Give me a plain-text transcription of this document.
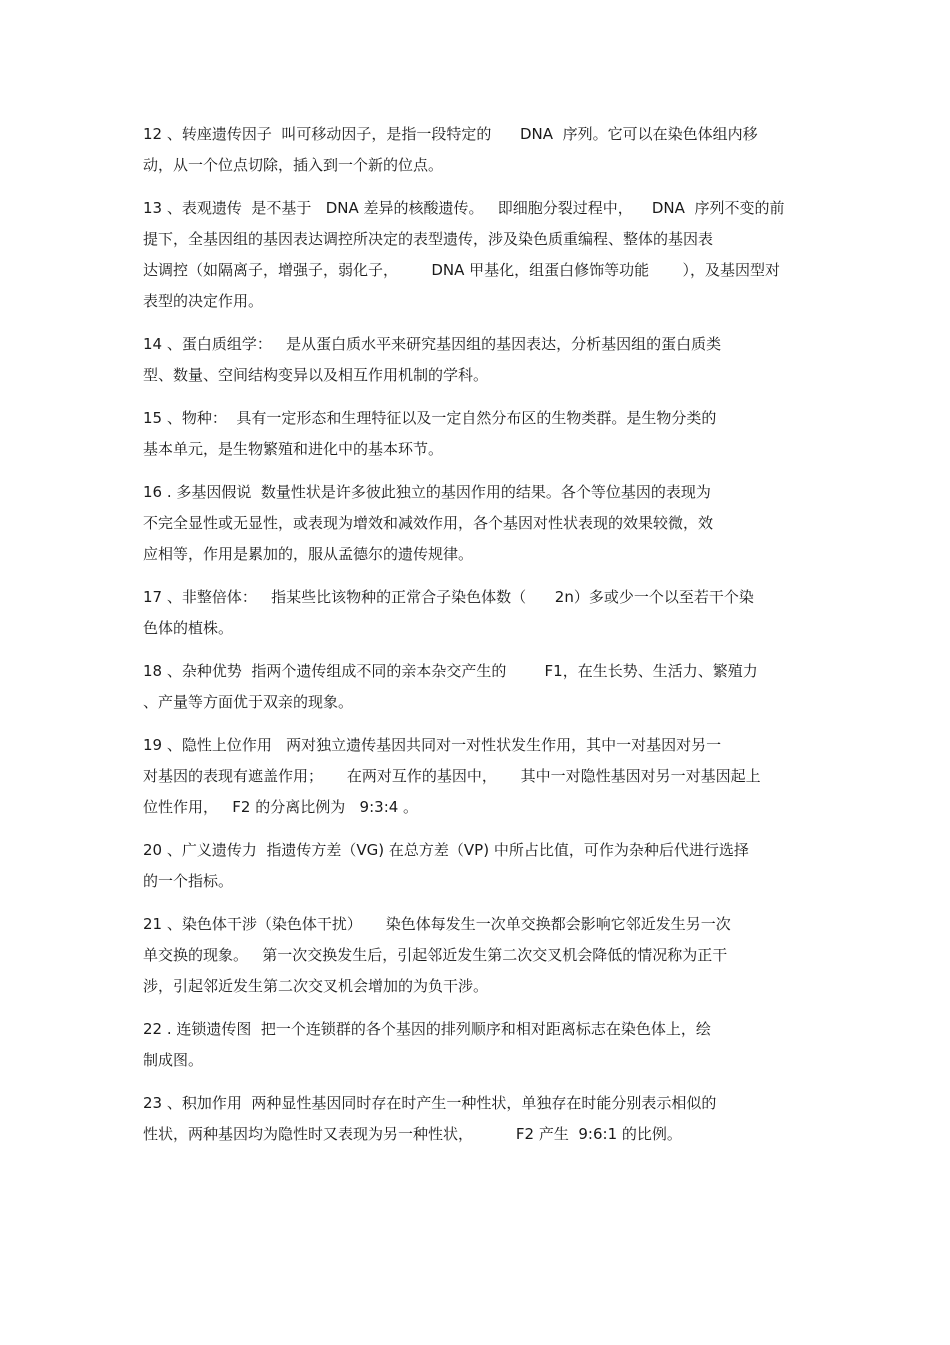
12 、转座遗传因子  叫可移动因子，是指一段特定的      DNA  序列。它可以在染色体组内移
动，从一个位点切除，插入到一个新的位点。
13 、表观遗传  是不基于   DNA 差异的核酸遗传。   即细胞分裂过程中，    DNA  序列不变的前
提下，全基因组的基因表达调控所决定的表型遗传，涉及染色质重编程、整体的基因表
达调控（如隔离子，增强子，弱化子，       DNA 甲基化，组蛋白修饰等功能       ），及基因型对
表型的决定作用。
14 、蛋白质组学：   是从蛋白质水平来研究基因组的基因表达，分析基因组的蛋白质类
型、数量、空间结构变异以及相互作用机制的学科。
15 、物种：  具有一定形态和生理特征以及一定自然分布区的生物类群。是生物分类的
基本单元，是生物繁殖和进化中的基本环节。
16 . 多基因假说  数量性状是许多彼此独立的基因作用的结果。各个等位基因的表现为
不完全显性或无显性，或表现为增效和减效作用，各个基因对性状表现的效果较微，效
应相等，作用是累加的，服从孟德尔的遗传规律。
17 、非整倍体：   指某些比该物种的正常合子染色体数（      2n）多或少一个以至若干个染
色体的植株。
18 、杂种优势  指两个遗传组成不同的亲本杂交产生的        F1，在生长势、生活力、繁殖力
、产量等方面优于双亲的现象。
19 、隐性上位作用   两对独立遗传基因共同对一对性状发生作用，其中一对基因对另一
对基因的表现有遮盖作用；     在两对互作的基因中，     其中一对隐性基因对另一对基因起上
位性作用，   F2 的分离比例为   9:3:4 。
20 、广义遗传力  指遗传方差（VG) 在总方差（VP) 中所占比值，可作为杂种后代进行选择
的一个指标。
21 、染色体干涉（染色体干扰）     染色体每发生一次单交换都会影响它邻近发生另一次
单交换的现象。   第一次交换发生后，引起邻近发生第二次交叉机会降低的情况称为正干
涉，引起邻近发生第二次交叉机会增加的为负干涉。
22 . 连锁遗传图  把一个连锁群的各个基因的排列顺序和相对距离标志在染色体上，绘
制成图。
23 、积加作用  两种显性基因同时存在时产生一种性状，单独存在时能分别表示相似的
性状，两种基因均为隐性时又表现为另一种性状，         F2 产生  9:6:1 的比例。
